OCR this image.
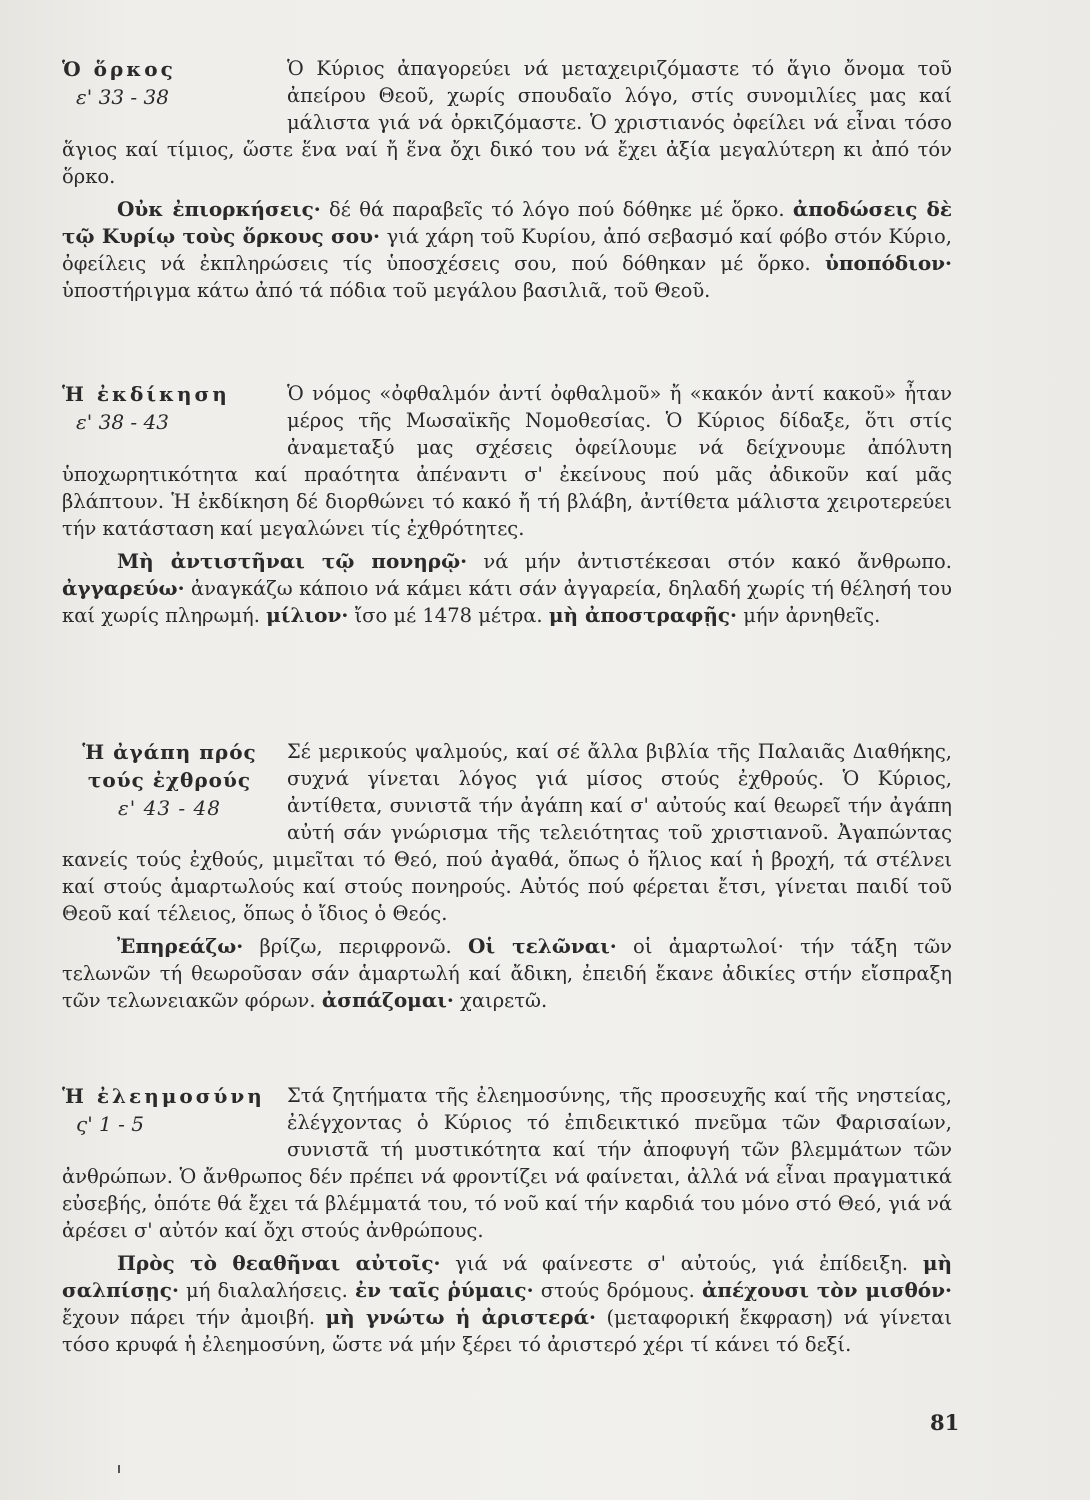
Ὁ ὅρκος
ε' 33 - 38
Ὁ Κύριος ἀπαγορεύει νά μεταχειριζόμαστε τό ἅγιο ὄνομα τοῦ ἀπείρου Θεοῦ, χωρίς σπουδαῖο λόγο, στίς συνομιλίες μας καί μάλιστα γιά νά ὁρκιζόμαστε. Ὁ χριστιανός ὀφείλει νά εἶναι τόσο ἅγιος καί τίμιος, ὥστε ἕνα ναί ἤ ἕνα ὄχι δικό του νά ἔχει ἀξία μεγαλύτερη κι ἀπό τόν ὅρκο.

Οὐκ ἐπιορκήσεις· δέ θά παραβεῖς τό λόγο πού δόθηκε μέ ὅρκο. ἀποδώσεις δὲ τῷ Κυρίῳ τοὺς ὅρκους σου· γιά χάρη τοῦ Κυρίου, ἀπό σεβασμό καί φόβο στόν Κύριο, ὀφείλεις νά ἐκπληρώσεις τίς ὑποσχέσεις σου, πού δόθηκαν μέ ὅρκο. ὑποπόδιον· ὑποστήριγμα κάτω ἀπό τά πόδια τοῦ μεγάλου βασιλιᾶ, τοῦ Θεοῦ.

Ἡ ἐκδίκηση
ε' 38 - 43
Ὁ νόμος «ὀφθαλμόν ἀντί ὀφθαλμοῦ» ἤ «κακόν ἀντί κακοῦ» ἦταν μέρος τῆς Μωσαϊκῆς Νομοθεσίας. Ὁ Κύριος δίδαξε, ὅτι στίς ἀναμεταξύ μας σχέσεις ὀφείλουμε νά δείχνουμε ἀπόλυτη ὑποχωρητικότητα καί πραότητα ἀπέναντι σ' ἐκείνους πού μᾶς ἀδικοῦν καί μᾶς βλάπτουν. Ἡ ἐκδίκηση δέ διορθώνει τό κακό ἤ τή βλάβη, ἀντίθετα μάλιστα χειροτερεύει τήν κατάσταση καί μεγαλώνει τίς ἐχθρότητες.

Μὴ ἀντιστῆναι τῷ πονηρῷ· νά μήν ἀντιστέκεσαι στόν κακό ἄνθρωπο. ἀγγαρεύω· ἀναγκάζω κάποιο νά κάμει κάτι σάν ἀγγαρεία, δηλαδή χωρίς τή θέλησή του καί χωρίς πληρωμή. μίλιον· ἴσο μέ 1478 μέτρα. μὴ ἀποστραφῇς· μήν ἀρνηθεῖς.

Ἡ ἀγάπη πρός τούς ἐχθρούς
ε' 43 - 48
Σέ μερικούς ψαλμούς, καί σέ ἄλλα βιβλία τῆς Παλαιᾶς Διαθήκης, συχνά γίνεται λόγος γιά μίσος στούς ἐχθρούς. Ὁ Κύριος, ἀντίθετα, συνιστᾶ τήν ἀγάπη καί σ' αὐτούς καί θεωρεῖ τήν ἀγάπη αὐτή σάν γνώρισμα τῆς τελειότητας τοῦ χριστιανοῦ. Ἀγαπώντας κανείς τούς ἐχθούς, μιμεῖται τό Θεό, πού ἀγαθά, ὅπως ὁ ἥλιος καί ἡ βροχή, τά στέλνει καί στούς ἁμαρτωλούς καί στούς πονηρούς. Αὐτός πού φέρεται ἔτσι, γίνεται παιδί τοῦ Θεοῦ καί τέλειος, ὅπως ὁ ἴδιος ὁ Θεός.

Ἐπηρεάζω· βρίζω, περιφρονῶ. Οἱ τελῶναι· οἱ ἁμαρτωλοί· τήν τάξη τῶν τελωνῶν τή θεωροῦσαν σάν ἁμαρτωλή καί ἄδικη, ἐπειδή ἔκανε ἀδικίες στήν εἴσπραξη τῶν τελωνειακῶν φόρων. ἀσπάζομαι· χαιρετῶ.

Ἡ ἐλεημοσύνη
ς' 1 - 5
Στά ζητήματα τῆς ἐλεημοσύνης, τῆς προσευχῆς καί τῆς νηστείας, ἐλέγχοντας ὁ Κύριος τό ἐπιδεικτικό πνεῦμα τῶν Φαρισαίων, συνιστᾶ τή μυστικότητα καί τήν ἀποφυγή τῶν βλεμμάτων τῶν ἀνθρώπων. Ὁ ἄνθρωπος δέν πρέπει νά φροντίζει νά φαίνεται, ἀλλά νά εἶναι πραγματικά εὐσεβής, ὁπότε θά ἔχει τά βλέμματά του, τό νοῦ καί τήν καρδιά του μόνο στό Θεό, γιά νά ἀρέσει σ' αὐτόν καί ὄχι στούς ἀνθρώπους.

Πρὸς τὸ θεαθῆναι αὐτοῖς· γιά νά φαίνεστε σ' αὐτούς, γιά ἐπίδειξη. μὴ σαλπίσῃς· μή διαλαλήσεις. ἐν ταῖς ῥύμαις· στούς δρόμους. ἀπέχουσι τὸν μισθόν· ἔχουν πάρει τήν ἀμοιβή. μὴ γνώτω ἡ ἀριστερά· (μεταφορική ἔκφραση) νά γίνεται τόσο κρυφά ἡ ἐλεημοσύνη, ὥστε νά μήν ξέρει τό ἀριστερό χέρι τί κάνει τό δεξί.

81
